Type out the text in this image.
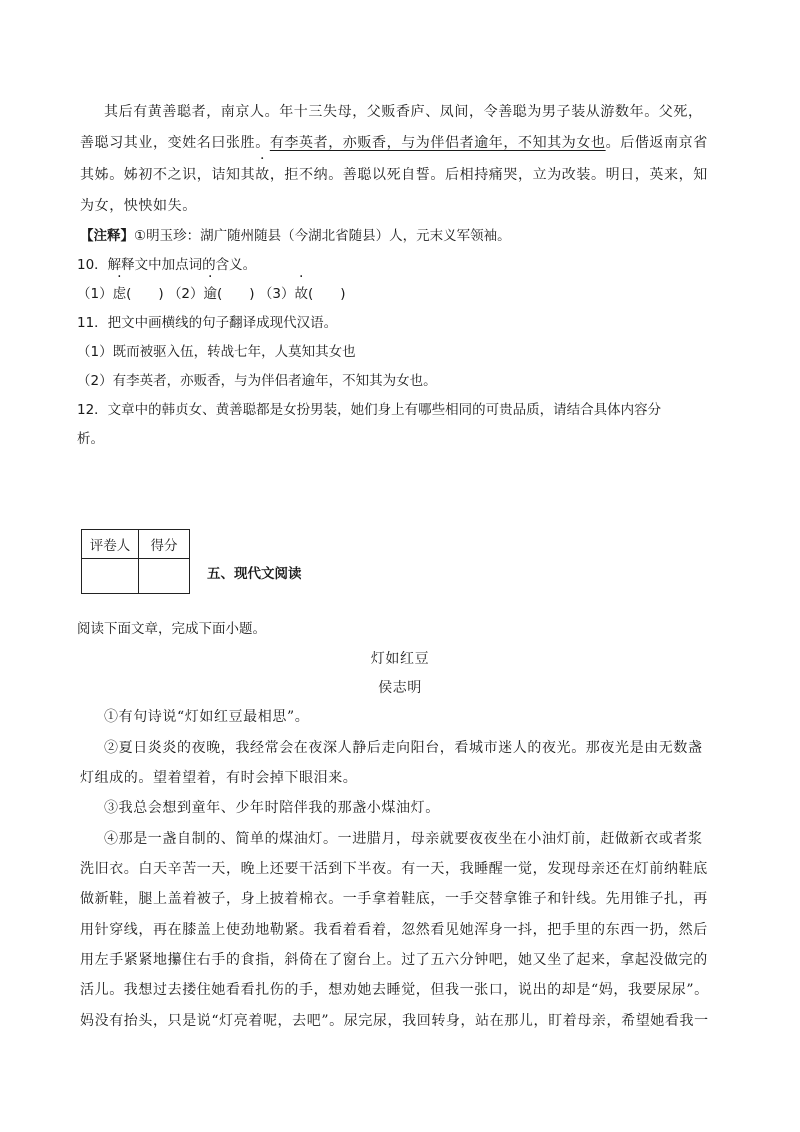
其后有黄善聪者，南京人。年十三失母，父贩香庐、凤间，令善聪为男子装从游数年。父死，
善聪习其业，变姓名曰张胜。有李英者，亦贩香，与为伴侣者逾年，不知其为女也。后偕返南京省
其姊。姊初不之识，诘知其故，拒不纳。善聪以死自誓。后相持痛哭，立为改装。明日，英来，知
为女，怏怏如失。
【注释】①明玉珍：湖广随州随县（今湖北省随县）人，元末义军领袖。
10．解释文中加点词的含义。
（1）虑(　　) （2）逾(　　) （3）故(　　)
11．把文中画横线的句子翻译成现代汉语。
（1）既而被驱入伍，转战七年，人莫知其女也
（2）有李英者，亦贩香，与为伴侣者逾年，不知其为女也。
12．文章中的韩贞女、黄善聪都是女扮男装，她们身上有哪些相同的可贵品质，请结合具体内容分
析。
评卷人	得分

五、现代文阅读
阅读下面文章，完成下面小题。
灯如红豆
侯志明
①有句诗说“灯如红豆最相思”。
②夏日炎炎的夜晚，我经常会在夜深人静后走向阳台，看城市迷人的夜光。那夜光是由无数盏
灯组成的。望着望着，有时会掉下眼泪来。
③我总会想到童年、少年时陪伴我的那盏小煤油灯。
④那是一盏自制的、简单的煤油灯。一进腊月，母亲就要夜夜坐在小油灯前，赶做新衣或者浆
洗旧衣。白天辛苦一天，晚上还要干活到下半夜。有一天，我睡醒一觉，发现母亲还在灯前纳鞋底
做新鞋，腿上盖着被子，身上披着棉衣。一手拿着鞋底，一手交替拿锥子和针线。先用锥子扎，再
用针穿线，再在膝盖上使劲地勒紧。我看着看着，忽然看见她浑身一抖，把手里的东西一扔，然后
用左手紧紧地攥住右手的食指，斜倚在了窗台上。过了五六分钟吧，她又坐了起来，拿起没做完的
活儿。我想过去搂住她看看扎伤的手，想劝她去睡觉，但我一张口，说出的却是“妈，我要尿尿”。
妈没有抬头，只是说“灯亮着呢，去吧”。尿完尿，我回转身，站在那儿，盯着母亲，希望她看我一
